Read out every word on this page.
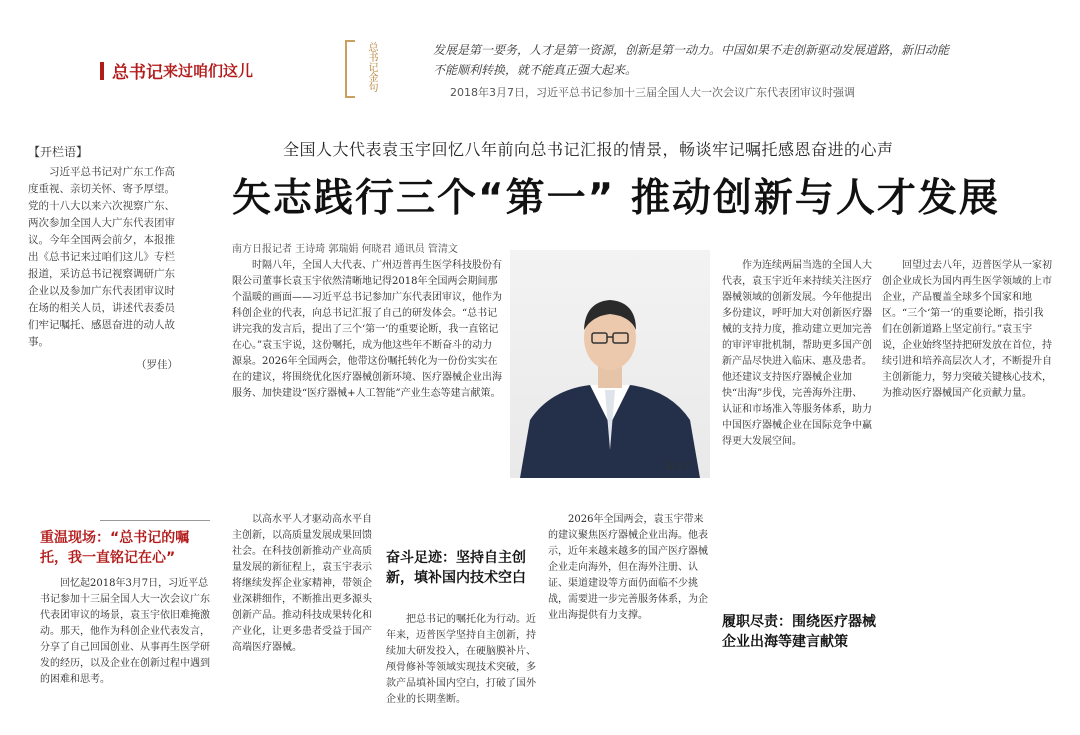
总书记 来过咱们这儿	总书记金句	发展是第一要务，人才是第一资源，创新是第一动力。中国如果不走创新驱动发展道路，新旧动能不能顺利转换，就不能真正强大起来。
2018年3月7日，习近平总书记参加十三届全国人大一次会议广东代表团审议时强调
【开栏语】
习近平总书记对广东工作高度重视、亲切关怀、寄予厚望。党的十八大以来六次视察广东、两次参加全国人大广东代表团审议。今年全国两会前夕，本报推出《总书记来过咱们这儿》专栏报道，采访总书记视察调研广东企业以及参加广东代表团审议时在场的相关人员，讲述代表委员们牢记嘱托、感恩奋进的动人故事。
（罗佳）
全国人大代表袁玉宇回忆八年前向总书记汇报的情景，畅谈牢记嘱托感恩奋进的心声
矢志践行三个“第一” 推动创新与人才发展
南方日报记者 王诗琦 郭瑞娟 何晓君 通讯员 管清文
时隔八年，全国人大代表、广州迈普再生医学科技股份有限公司董事长袁玉宇依然清晰地记得2018年全国两会期间那个温暖的画面——习近平总书记参加广东代表团审议，他作为科创企业的代表，向总书记汇报了自己的研发体会。“总书记讲完我的发言后，提出了三个‘第一’的重要论断，我一直铭记在心。”袁玉宇说，这份嘱托，成为他这些年不断奋斗的动力源泉。2026年全国两会，他带这份嘱托转化为一份份实实在在的建议，将围绕优化医疗器械创新环境、医疗器械企业出海服务、加快建设“医疗器械+人工智能”产业生态等建言献策。
袁玉宇
作为连续两届当选的全国人大代表，袁玉宇近年来持续关注医疗器械领域的创新发展。今年他提出多份建议，呼吁加大对创新医疗器械的支持力度，推动建立更加完善的审评审批机制，帮助更多国产创新产品尽快进入临床、惠及患者。他还建议支持医疗器械企业加快“出海”步伐，完善海外注册、认证和市场准入等服务体系，助力中国医疗器械企业在国际竞争中赢得更大发展空间。
回望过去八年，迈普医学从一家初创企业成长为国内再生医学领域的上市企业，产品覆盖全球多个国家和地区。“三个‘第一’的重要论断，指引我们在创新道路上坚定前行。”袁玉宇说，企业始终坚持把研发放在首位，持续引进和培养高层次人才，不断提升自主创新能力，努力突破关键核心技术，为推动医疗器械国产化贡献力量。
以高水平人才驱动高水平自主创新，以高质量发展成果回馈社会。在科技创新推动产业高质量发展的新征程上，袁玉宇表示将继续发挥企业家精神，带领企业深耕细作，不断推出更多源头创新产品。推动科技成果转化和产业化，让更多患者受益于国产高端医疗器械。
重温现场：“总书记的嘱托，我一直铭记在心”
回忆起2018年3月7日，习近平总书记参加十三届全国人大一次会议广东代表团审议的场景，袁玉宇依旧难掩激动。那天，他作为科创企业代表发言，分享了自己回国创业、从事再生医学研发的经历，以及企业在创新过程中遇到的困难和思考。
奋斗足迹：坚持自主创新，填补国内技术空白
把总书记的嘱托化为行动。近年来，迈普医学坚持自主创新，持续加大研发投入，在硬脑膜补片、颅骨修补等领域实现技术突破，多款产品填补国内空白，打破了国外企业的长期垄断。
履职尽责：围绕医疗器械企业出海等建言献策
2026年全国两会，袁玉宇带来的建议聚焦医疗器械企业出海。他表示，近年来越来越多的国产医疗器械企业走向海外，但在海外注册、认证、渠道建设等方面仍面临不少挑战，需要进一步完善服务体系，为企业出海提供有力支撑。
